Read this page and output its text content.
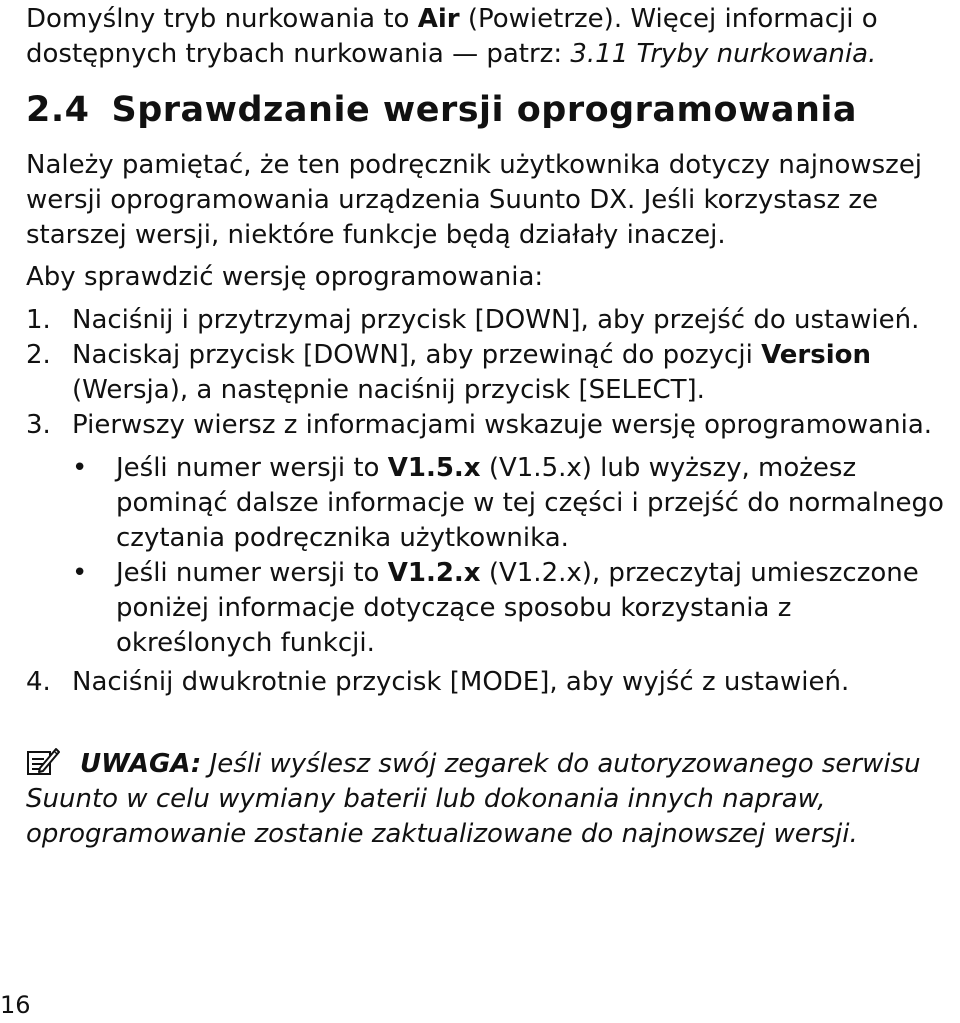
Domyślny tryb nurkowania to Air (Powietrze). Więcej informacji o dostępnych trybach nurkowania — patrz: 3.11 Tryby nurkowania.

2.4 Sprawdzanie wersji oprogramowania

Należy pamiętać, że ten podręcznik użytkownika dotyczy najnowszej wersji oprogramowania urządzenia Suunto DX. Jeśli korzystasz ze starszej wersji, niektóre funkcje będą działały inaczej.

Aby sprawdzić wersję oprogramowania:

1. Naciśnij i przytrzymaj przycisk [DOWN], aby przejść do ustawień.
2. Naciskaj przycisk [DOWN], aby przewinąć do pozycji Version (Wersja), a następnie naciśnij przycisk [SELECT].
3. Pierwszy wiersz z informacjami wskazuje wersję oprogramowania.
• Jeśli numer wersji to V1.5.x (V1.5.x) lub wyższy, możesz pominąć dalsze informacje w tej części i przejść do normalnego czytania podręcznika użytkownika.
• Jeśli numer wersji to V1.2.x (V1.2.x), przeczytaj umieszczone poniżej informacje dotyczące sposobu korzystania z określonych funkcji.
4. Naciśnij dwukrotnie przycisk [MODE], aby wyjść z ustawień.

UWAGA: Jeśli wyślesz swój zegarek do autoryzowanego serwisu Suunto w celu wymiany baterii lub dokonania innych napraw, oprogramowanie zostanie zaktualizowane do najnowszej wersji.

16
